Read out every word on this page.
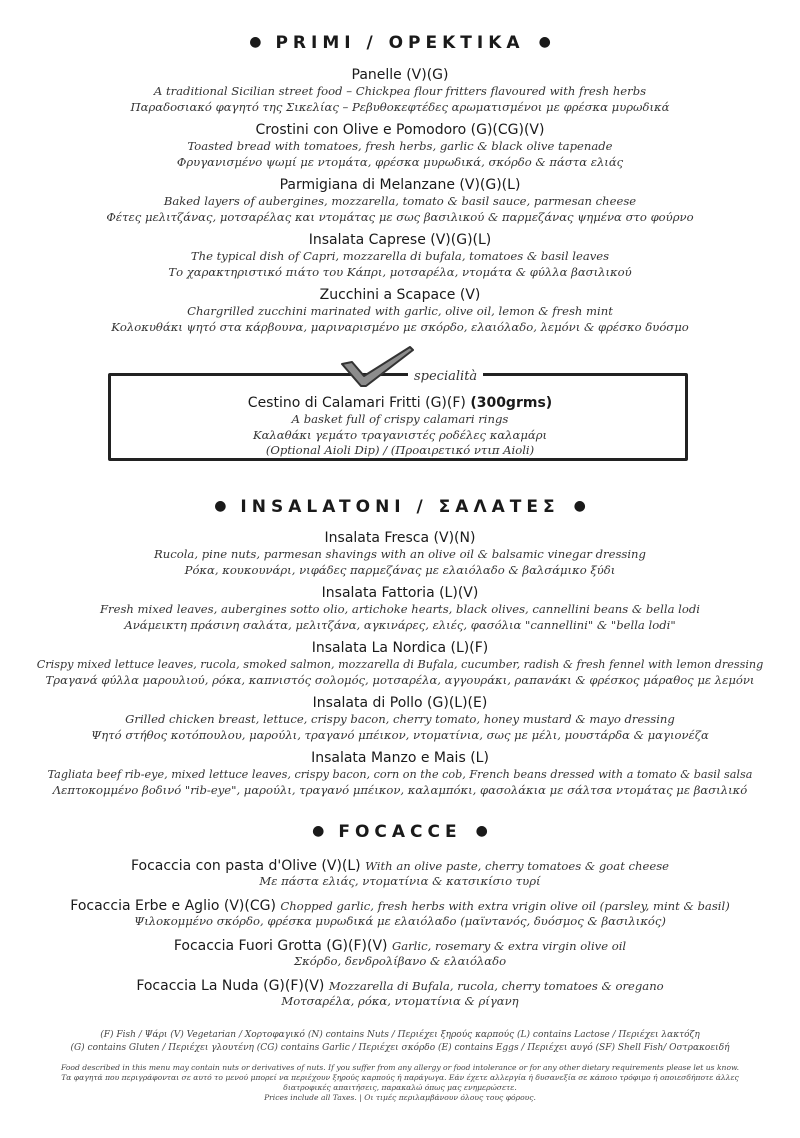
● PRIMI / ΟΡΕΚΤΙΚΑ ●
Panelle (V)(G)
A traditional Sicilian street food – Chickpea flour fritters flavoured with fresh herbs
Παραδοσιακό φαγητό της Σικελίας – Ρεβυθοκεφτέδες αρωματισμένοι με φρέσκα μυρωδικά
Crostini con Olive e Pomodoro (G)(CG)(V)
Toasted bread with tomatoes, fresh herbs, garlic & black olive tapenade
Φρυγανισμένο ψωμί με ντομάτα, φρέσκα μυρωδικά, σκόρδο & πάστα ελιάς
Parmigiana di Melanzane (V)(G)(L)
Baked layers of aubergines, mozzarella, tomato & basil sauce, parmesan cheese
Φέτες μελιτζάνας, μοτσαρέλας και ντομάτας με σως βασιλικού & παρμεζάνας ψημένα στο φούρνο
Insalata Caprese (V)(G)(L)
The typical dish of Capri, mozzarella di bufala, tomatoes & basil leaves
Το χαρακτηριστικό πιάτο του Κάπρι, μοτσαρέλα, ντομάτα & φύλλα βασιλικού
Zucchini a Scapace (V)
Chargrilled zucchini marinated with garlic, olive oil, lemon & fresh mint
Κολοκυθάκι ψητό στα κάρβουνα, μαριναρισμένο με σκόρδο, ελαιόλαδο, λεμόνι & φρέσκο δυόσμο
specialità
Cestino di Calamari Fritti (G)(F) (300grms)
A basket full of crispy calamari rings
Καλαθάκι γεμάτο τραγανιστές ροδέλες καλαμάρι
(Optional Aioli Dip) / (Προαιρετικό ντιπ Aioli)
● INSALATONI / ΣΑΛΑΤΕΣ ●
Insalata Fresca (V)(N)
Rucola, pine nuts, parmesan shavings with an olive oil & balsamic vinegar dressing
Ρόκα, κουκουνάρι, νιφάδες παρμεζάνας με ελαιόλαδο & βαλσάμικο ξύδι
Insalata Fattoria (L)(V)
Fresh mixed leaves, aubergines sotto olio, artichoke hearts, black olives, cannellini beans & bella lodi
Ανάμεικτη πράσινη σαλάτα, μελιτζάνα, αγκινάρες, ελιές, φασόλια "cannellini" & "bella lodi"
Insalata La Nordica (L)(F)
Crispy mixed lettuce leaves, rucola, smoked salmon, mozzarella di Bufala, cucumber, radish & fresh fennel with lemon dressing
Τραγανά φύλλα μαρουλιού, ρόκα, καπνιστός σολομός, μοτσαρέλα, αγγουράκι, ραπανάκι & φρέσκος μάραθος με λεμόνι
Insalata di Pollo (G)(L)(E)
Grilled chicken breast, lettuce, crispy bacon, cherry tomato, honey mustard & mayo dressing
Ψητό στήθος κοτόπουλου, μαρούλι, τραγανό μπέικον, ντοματίνια, σως με μέλι, μουστάρδα & μαγιονέζα
Insalata Manzo e Mais (L)
Tagliata beef rib-eye, mixed lettuce leaves, crispy bacon, corn on the cob, French beans dressed with a tomato & basil salsa
Λεπτοκομμένο βοδινό "rib-eye", μαρούλι, τραγανό μπέικον, καλαμπόκι, φασολάκια με σάλτσα ντομάτας με βασιλικό
● FOCACCE ●
Focaccia con pasta d'Olive (V)(L) With an olive paste, cherry tomatoes & goat cheese
Με πάστα ελιάς, ντοματίνια & κατσικίσιο τυρί
Focaccia Erbe e Aglio (V)(CG) Chopped garlic, fresh herbs with extra vrigin olive oil (parsley, mint & basil)
Ψιλοκομμένο σκόρδο, φρέσκα μυρωδικά με ελαιόλαδο (μαϊντανός, δυόσμος & βασιλικός)
Focaccia Fuori Grotta (G)(F)(V) Garlic, rosemary & extra virgin olive oil
Σκόρδο, δενδρολίβανο & ελαιόλαδο
Focaccia La Nuda (G)(F)(V) Mozzarella di Bufala, rucola, cherry tomatoes & oregano
Μοτσαρέλα, ρόκα, ντοματίνια & ρίγανη
(F) Fish / Ψάρι (V) Vegetarian / Χορτοφαγικό (N) contains Nuts / Περιέχει ξηρούς καρπούς (L) contains Lactose / Περιέχει λακτόζη
(G) contains Gluten / Περιέχει γλουτένη (CG) contains Garlic / Περιέχει σκόρδο (E) contains Eggs / Περιέχει αυγό (SF) Shell Fish/ Οστρακοειδή
Food described in this menu may contain nuts or derivatives of nuts. If you suffer from any allergy or food intolerance or for any other dietary requirements please let us know.
Τα φαγητά που περιγράφονται σε αυτό το μενού μπορεί να περιέχουν ξηρούς καρπούς ή παράγωγα. Εάν έχετε αλλεργία ή δυσανεξία σε κάποιο τρόφιμο ή οποιεσδήποτε άλλες
διατροφικές απαιτήσεις, παρακαλώ όπως μας ενημερώσετε.
Prices include all Taxes. | Οι τιμές περιλαμβάνουν όλους τους φόρους.
